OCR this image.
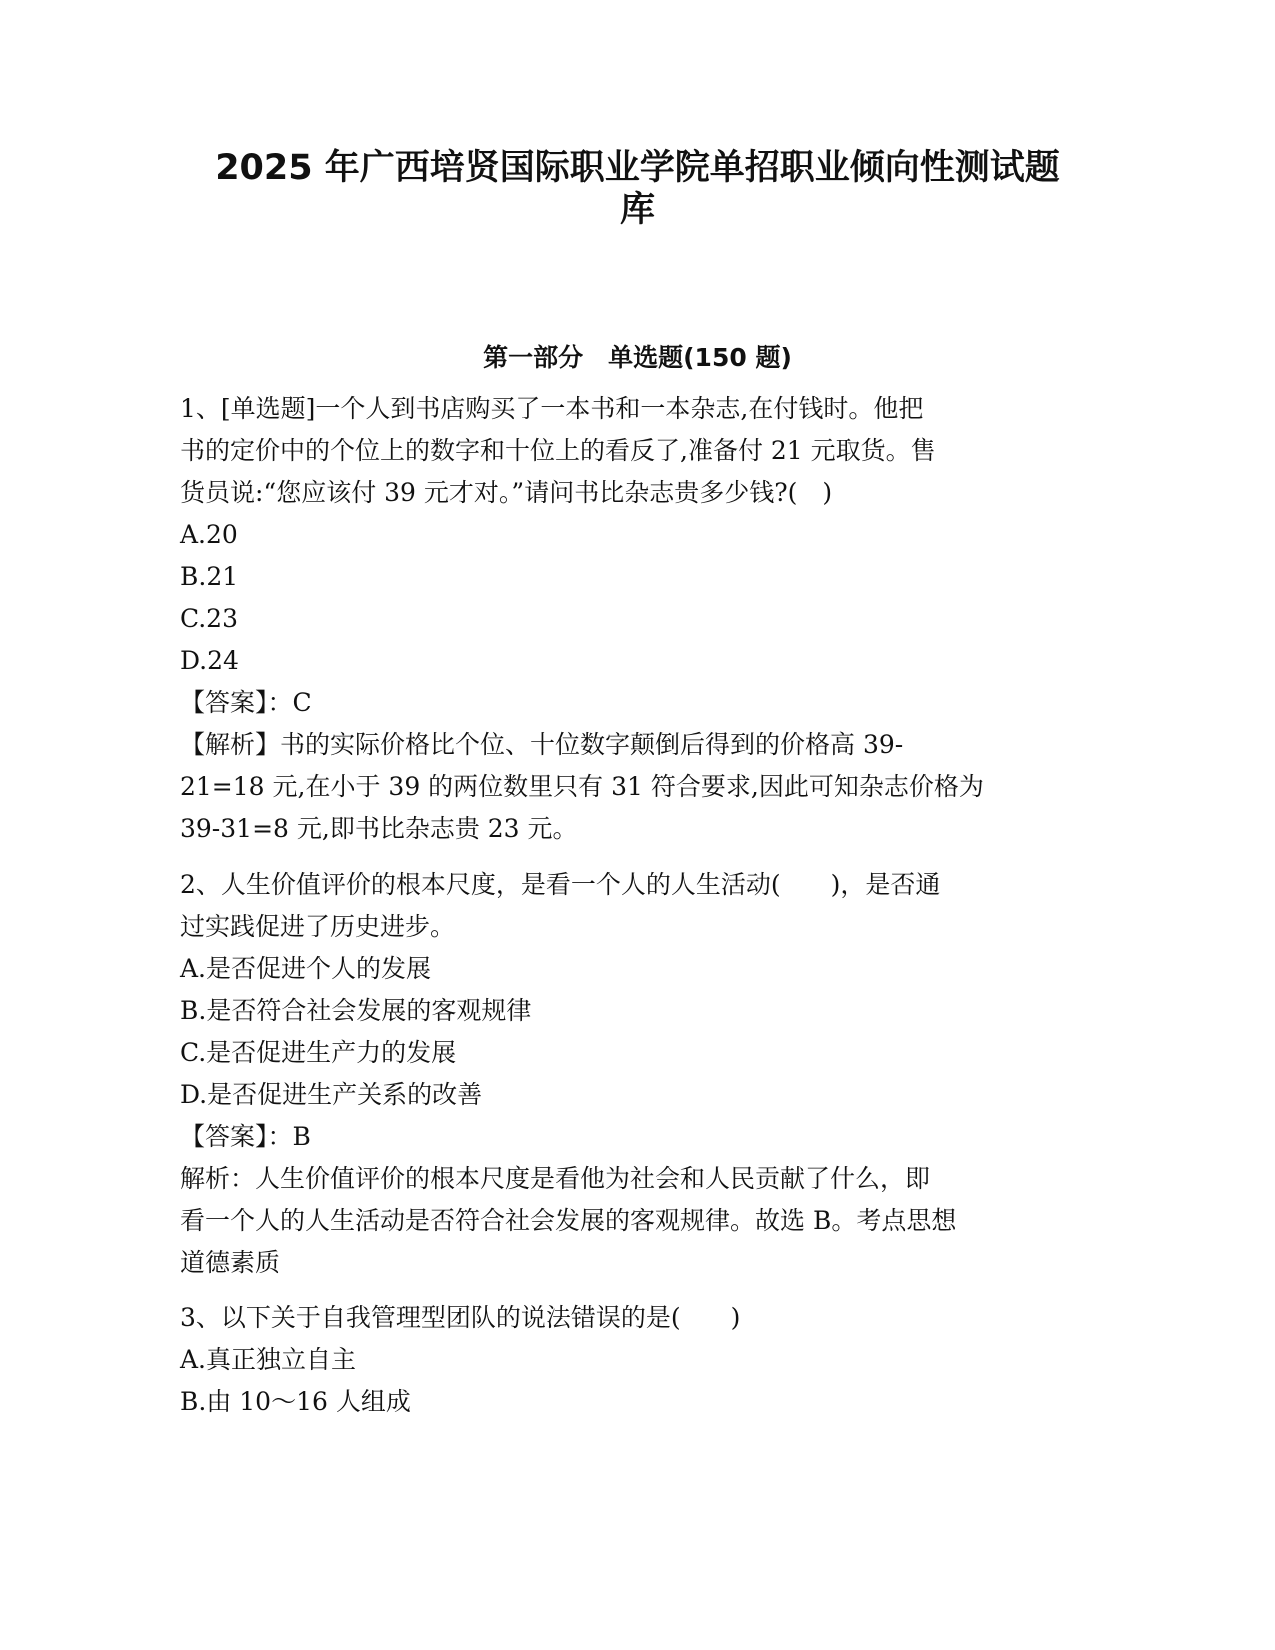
2025 年广西培贤国际职业学院单招职业倾向性测试题
库
第一部分　单选题(150 题)
1、[单选题]一个人到书店购买了一本书和一本杂志,在付钱时。他把
书的定价中的个位上的数字和十位上的看反了,准备付 21 元取货。售
货员说:“您应该付 39 元才对。”请问书比杂志贵多少钱?(　)
A.20
B.21
C.23
D.24
【答案】：C
【解析】书的实际价格比个位、十位数字颠倒后得到的价格高 39-
21=18 元,在小于 39 的两位数里只有 31 符合要求,因此可知杂志价格为
39-31=8 元,即书比杂志贵 23 元。
2、人生价值评价的根本尺度，是看一个人的人生活动(　　)，是否通
过实践促进了历史进步。
A.是否促进个人的发展
B.是否符合社会发展的客观规律
C.是否促进生产力的发展
D.是否促进生产关系的改善
【答案】：B
解析：人生价值评价的根本尺度是看他为社会和人民贡献了什么，即
看一个人的人生活动是否符合社会发展的客观规律。故选 B。考点思想
道德素质
3、以下关于自我管理型团队的说法错误的是(　　)
A.真正独立自主
B.由 10～16 人组成
